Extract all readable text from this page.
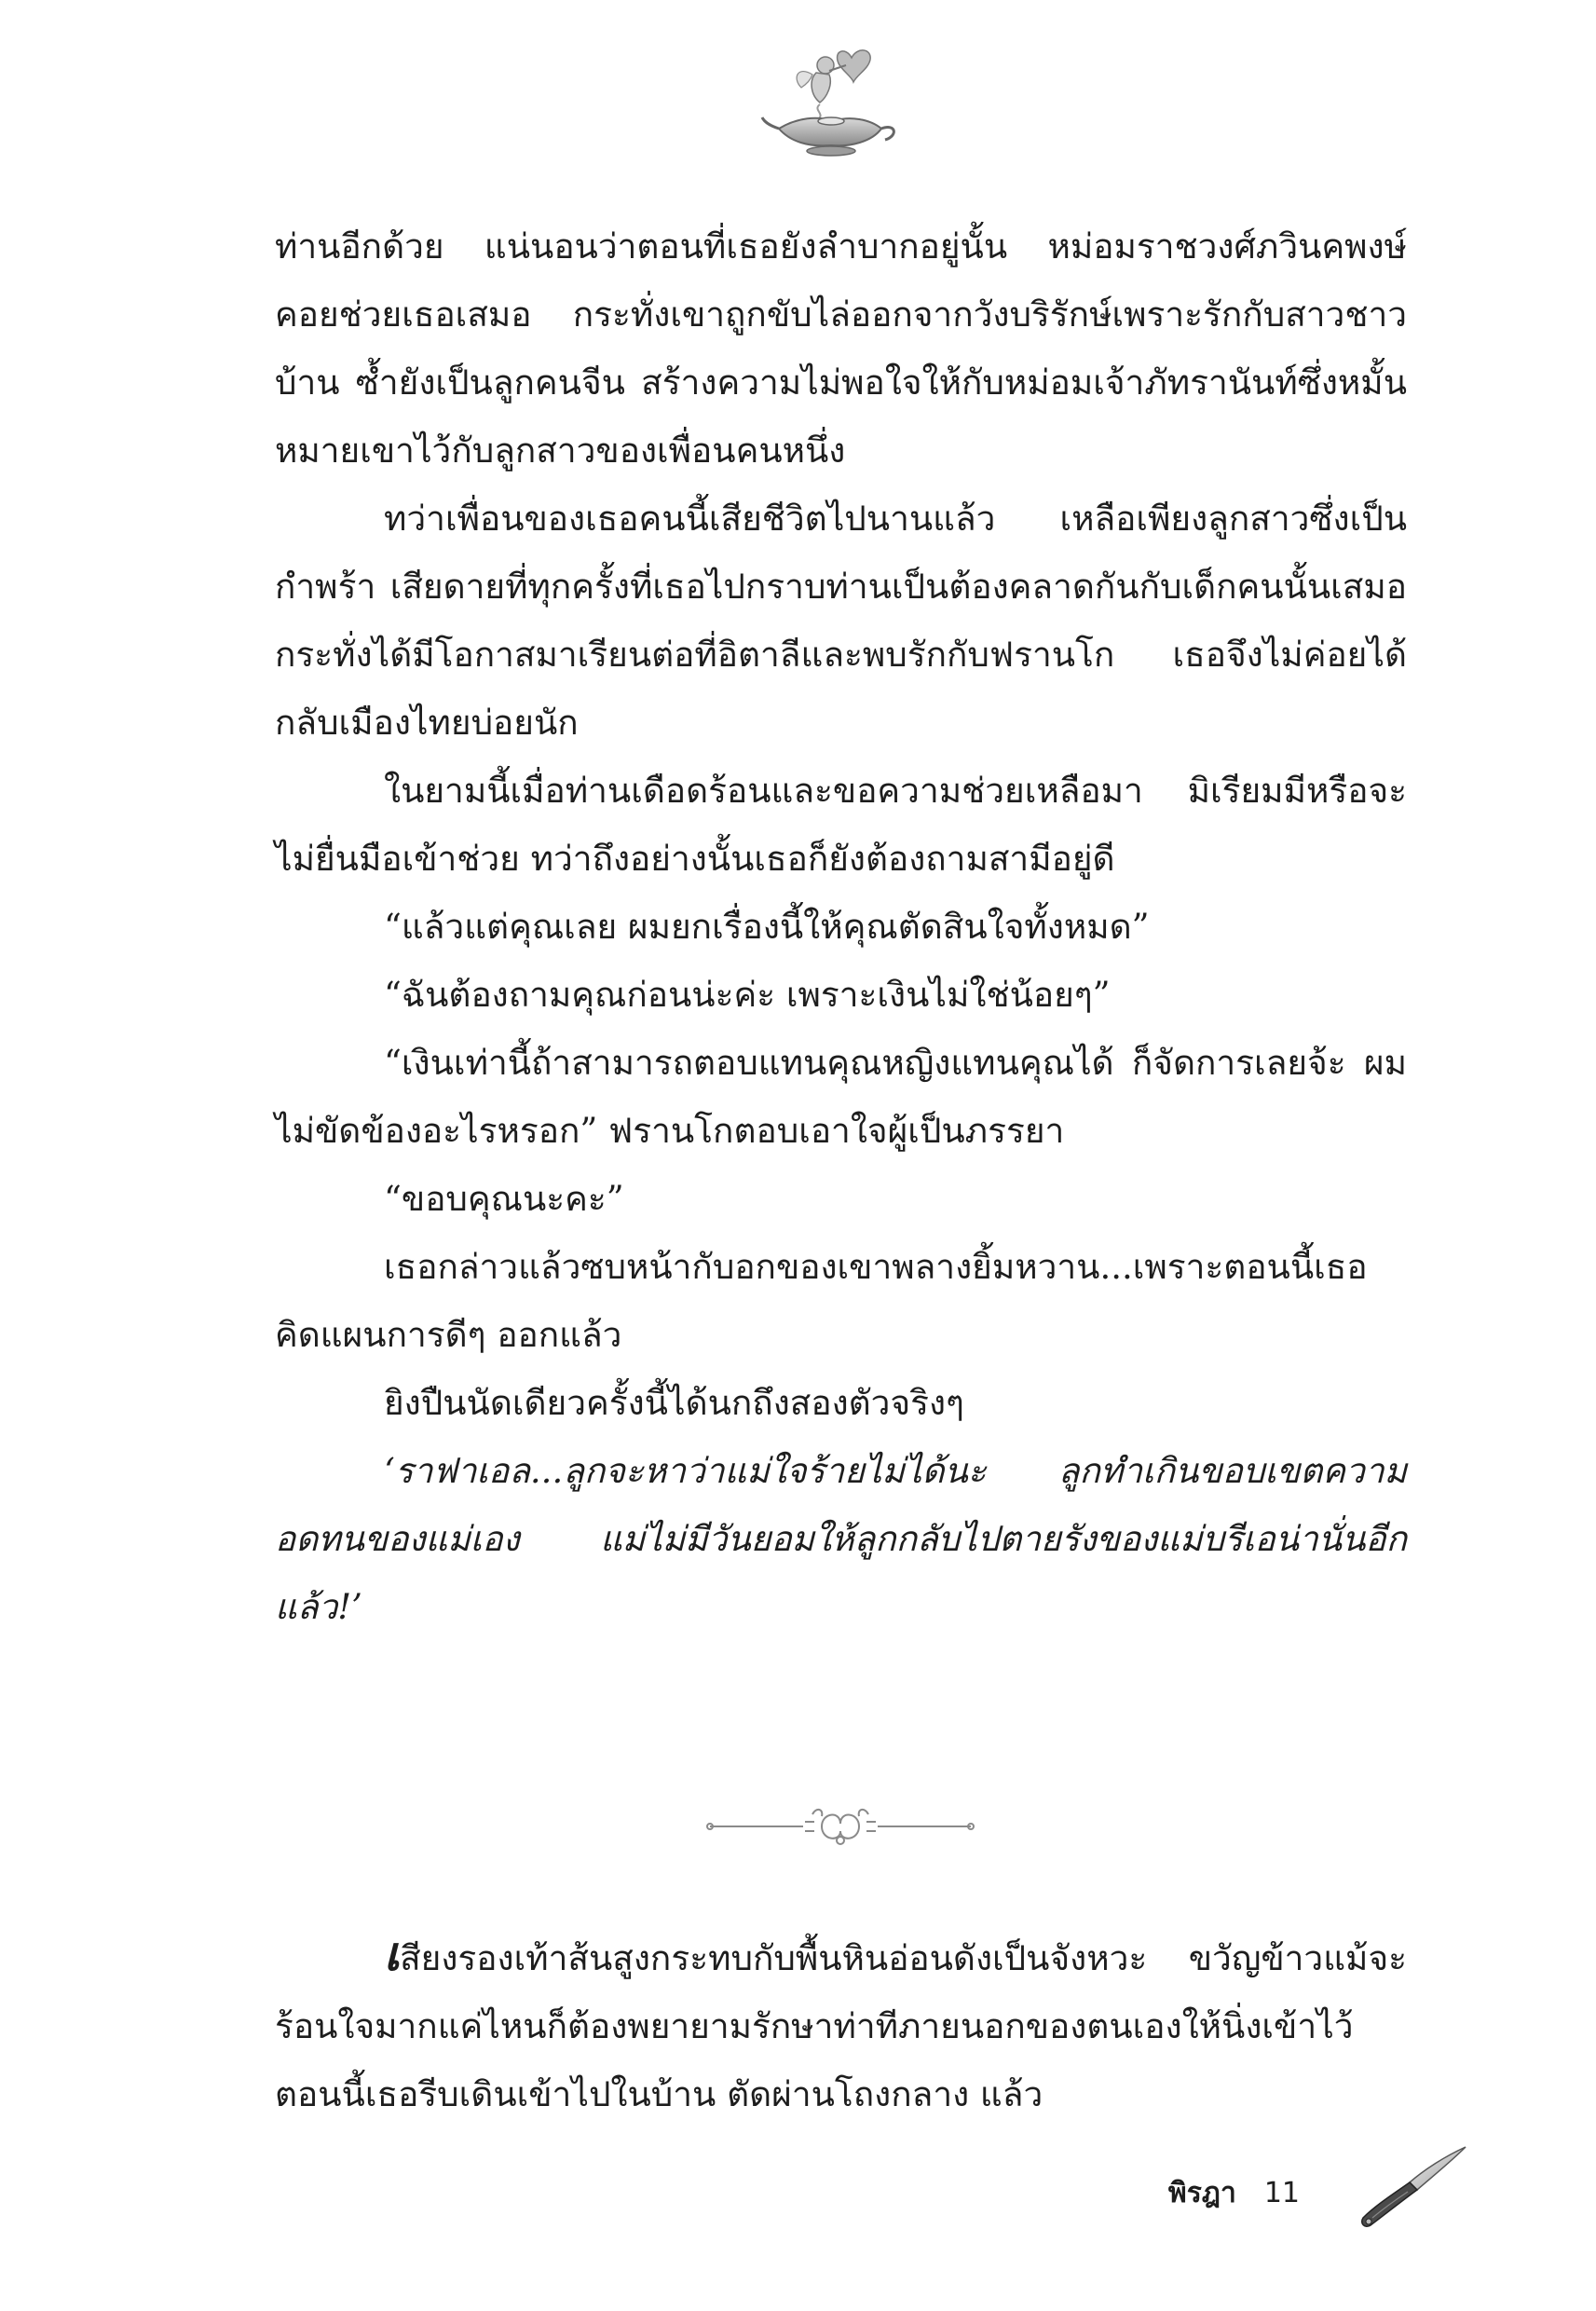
ท่านอีกด้วย แน่นอนว่าตอนที่เธอยังลำบากอยู่นั้น หม่อมราชวงศ์ภวินคพงษ์คอยช่วยเธอเสมอ กระทั่งเขาถูกขับไล่ออกจากวังบริรักษ์เพราะรักกับสาวชาวบ้าน ซ้ำยังเป็นลูกคนจีน สร้างความไม่พอใจให้กับหม่อมเจ้าภัทรานันท์ซึ่งหมั้นหมายเขาไว้กับลูกสาวของเพื่อนคนหนึ่ง

ทว่าเพื่อนของเธอคนนี้เสียชีวิตไปนานแล้ว เหลือเพียงลูกสาวซึ่งเป็นกำพร้า เสียดายที่ทุกครั้งที่เธอไปกราบท่านเป็นต้องคลาดกันกับเด็กคนนั้นเสมอ กระทั่งได้มีโอกาสมาเรียนต่อที่อิตาลีและพบรักกับฟรานโก เธอจึงไม่ค่อยได้กลับเมืองไทยบ่อยนัก

ในยามนี้เมื่อท่านเดือดร้อนและขอความช่วยเหลือมา มิเรียมมีหรือจะไม่ยื่นมือเข้าช่วย ทว่าถึงอย่างนั้นเธอก็ยังต้องถามสามีอยู่ดี

“แล้วแต่คุณเลย ผมยกเรื่องนี้ให้คุณตัดสินใจทั้งหมด”

“ฉันต้องถามคุณก่อนน่ะค่ะ เพราะเงินไม่ใช่น้อยๆ”

“เงินเท่านี้ถ้าสามารถตอบแทนคุณหญิงแทนคุณได้ ก็จัดการเลยจ้ะ ผมไม่ขัดข้องอะไรหรอก” ฟรานโกตอบเอาใจผู้เป็นภรรยา

“ขอบคุณนะคะ”

เธอกล่าวแล้วซบหน้ากับอกของเขาพลางยิ้มหวาน...เพราะตอนนี้เธอคิดแผนการดีๆ ออกแล้ว

ยิงปืนนัดเดียวครั้งนี้ได้นกถึงสองตัวจริงๆ

‘ราฟาเอล...ลูกจะหาว่าแม่ใจร้ายไม่ได้นะ ลูกทำเกินขอบเขตความอดทนของแม่เอง แม่ไม่มีวันยอมให้ลูกกลับไปตายรังของแม่บรีเอน่านั่นอีกแล้ว!’

เสียงรองเท้าส้นสูงกระทบกับพื้นหินอ่อนดังเป็นจังหวะ ขวัญข้าวแม้จะร้อนใจมากแค่ไหนก็ต้องพยายามรักษาท่าทีภายนอกของตนเองให้นิ่งเข้าไว้ ตอนนี้เธอรีบเดินเข้าไปในบ้าน ตัดผ่านโถงกลาง แล้ว

พิรฎา 11
